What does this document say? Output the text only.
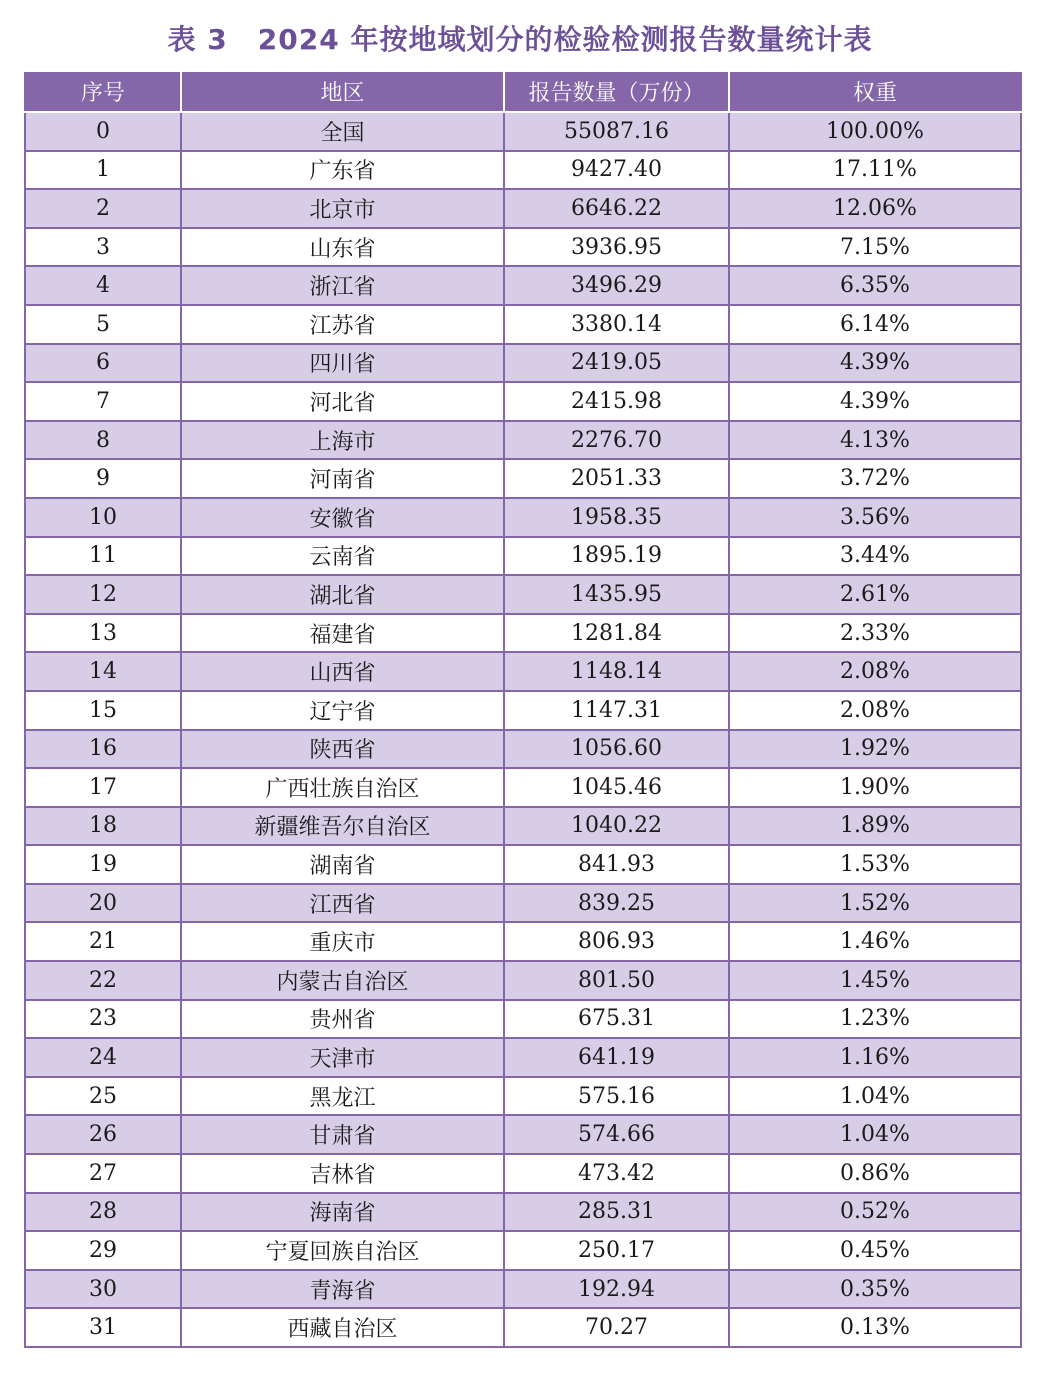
表 3 2024 年按地域划分的检验检测报告数量统计表
序号	地区	报告数量（万份）	权重
0	全国	55087.16	100.00%
1	广东省	9427.40	17.11%
2	北京市	6646.22	12.06%
3	山东省	3936.95	7.15%
4	浙江省	3496.29	6.35%
5	江苏省	3380.14	6.14%
6	四川省	2419.05	4.39%
7	河北省	2415.98	4.39%
8	上海市	2276.70	4.13%
9	河南省	2051.33	3.72%
10	安徽省	1958.35	3.56%
11	云南省	1895.19	3.44%
12	湖北省	1435.95	2.61%
13	福建省	1281.84	2.33%
14	山西省	1148.14	2.08%
15	辽宁省	1147.31	2.08%
16	陕西省	1056.60	1.92%
17	广西壮族自治区	1045.46	1.90%
18	新疆维吾尔自治区	1040.22	1.89%
19	湖南省	841.93	1.53%
20	江西省	839.25	1.52%
21	重庆市	806.93	1.46%
22	内蒙古自治区	801.50	1.45%
23	贵州省	675.31	1.23%
24	天津市	641.19	1.16%
25	黑龙江	575.16	1.04%
26	甘肃省	574.66	1.04%
27	吉林省	473.42	0.86%
28	海南省	285.31	0.52%
29	宁夏回族自治区	250.17	0.45%
30	青海省	192.94	0.35%
31	西藏自治区	70.27	0.13%
